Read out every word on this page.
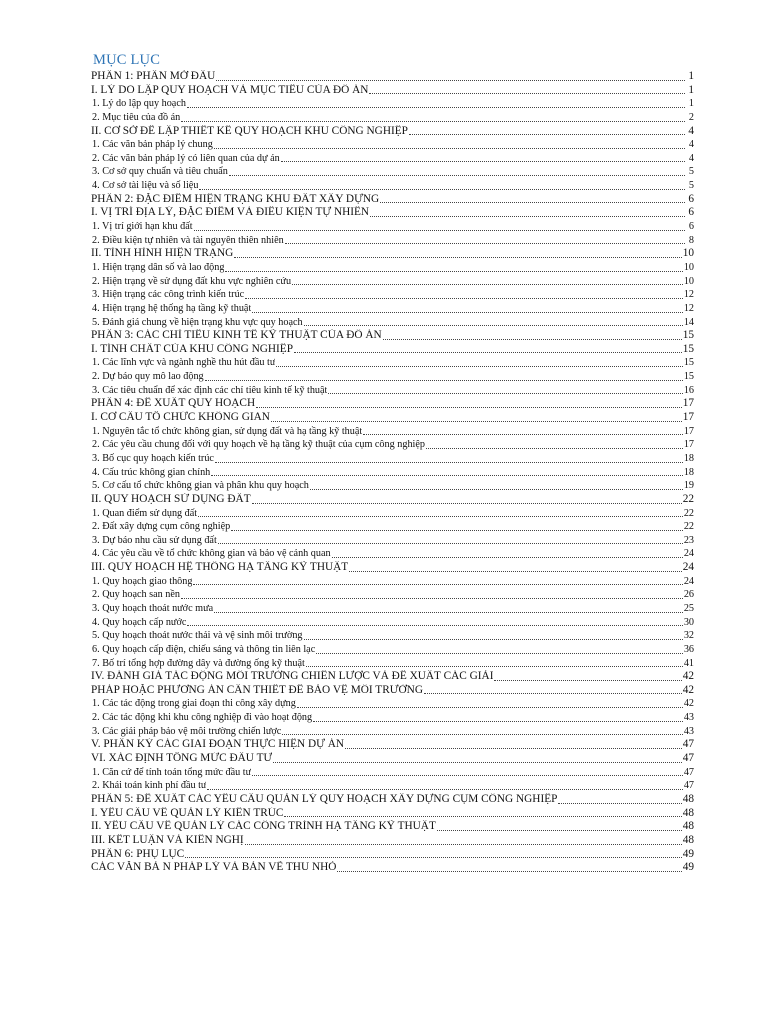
MỤC LỤC
PHẦN 1: PHẦN MỞ ĐẦU	1
I. LÝ DO LẬP QUY HOẠCH VÀ MỤC TIÊU CỦA ĐỒ ÁN	1
1. Lý do lập quy hoạch	1
2. Mục tiêu của đồ án	2
II. CƠ SỞ ĐỂ LẬP THIẾT KẾ QUY HOẠCH KHU CÔNG NGHIỆP	4
1. Các văn bản pháp lý chung	4
2. Các văn bản pháp lý có liên quan của dự án	4
3. Cơ sở quy chuẩn và tiêu chuẩn	5
4. Cơ sở tài liệu và số liệu	5
PHẦN 2: ĐẶC ĐIỂM HIỆN TRẠNG KHU ĐẤT XÂY DỰNG	6
I. VỊ TRÍ ĐỊA LÝ, ĐẶC ĐIỂM VÀ ĐIỀU KIỆN TỰ NHIÊN	6
1. Vị trí giới hạn khu đất	6
2. Điều kiện tự nhiên và tài nguyên thiên nhiên	8
II. TÌNH HÌNH HIỆN TRẠNG	10
1. Hiện trạng dân số và lao động	10
2. Hiện trạng về sử dụng đất khu vực nghiên cứu	10
3. Hiện trạng các công trình kiến trúc	12
4. Hiện trạng hệ thống hạ tầng kỹ thuật	12
5. Đánh giá chung về hiện trạng khu vực quy hoạch	14
PHẦN 3: CÁC CHỈ TIÊU KINH TẾ KỸ THUẬT CỦA ĐỒ ÁN	15
I. TÍNH CHẤT CỦA KHU CÔNG NGHIỆP	15
1. Các lĩnh vực và ngành nghề thu hút đầu tư	15
2. Dự báo quy mô lao động	15
3. Các tiêu chuẩn để xác định các chỉ tiêu kinh tế kỹ thuật	16
PHẦN 4: ĐỀ XUẤT QUY HOẠCH	17
I. CƠ CẤU TỔ CHỨC KHÔNG GIAN	17
1. Nguyên tắc tổ chức không gian, sử dụng đất và hạ tầng kỹ thuật	17
2. Các yêu cầu chung đối với quy hoạch về hạ tầng kỹ thuật của cụm công nghiệp	17
3. Bố cục quy hoạch kiến trúc	18
4. Cấu trúc không gian chính	18
5. Cơ cấu tổ chức không gian và phân khu quy hoạch	19
II. QUY HOẠCH SỬ DỤNG ĐẤT	22
1. Quan điểm sử dụng đất	22
2. Đất xây dựng cụm công nghiệp	22
3. Dự báo nhu cầu sử dụng đất	23
4. Các yêu cầu về tổ chức không gian và bảo vệ cảnh quan	24
III. QUY HOẠCH HỆ THỐNG HẠ TẦNG KỸ THUẬT	24
1. Quy hoạch giao thông	24
2. Quy hoạch san nền	26
3. Quy hoạch thoát nước mưa	25
4. Quy hoạch cấp nước	30
5. Quy hoạch thoát nước thải và vệ sinh môi trường	32
6. Quy hoạch cấp điện, chiếu sáng và thông tin liên lạc	36
7. Bố trí tổng hợp đường dây và đường ống kỹ thuật	41
IV. ĐÁNH GIÁ TÁC ĐỘNG MÔI TRƯỜNG CHIẾN LƯỢC VÀ ĐỀ XUẤT CÁC GIẢI	42
PHÁP HOẶC PHƯƠNG ÁN CẦN THIẾT ĐỂ BẢO VỆ MÔI TRƯỜNG	42
1. Các tác động trong giai đoạn thi công xây dựng	42
2. Các tác động khi khu công nghiệp đi vào hoạt động	43
3. Các giải pháp bảo vệ môi trường chiến lược	43
V. PHÂN KỲ CÁC GIAI ĐOẠN THỰC HIỆN DỰ ÁN	47
VI. XÁC ĐỊNH TỔNG MỨC ĐẦU TƯ	47
1. Căn cứ để tính toán tổng mức đầu tư	47
2. Khái toán kinh phí đầu tư	47
PHẦN 5: ĐỀ XUẤT CÁC YÊU CẦU QUẢN LÝ QUY HOẠCH XÂY DỰNG CỤM CÔNG NGHIỆP	48
I. YÊU CẦU VỀ QUẢN LÝ KIẾN TRÚC	48
II. YÊU CẦU VỀ QUẢN LÝ CÁC CÔNG TRÌNH HẠ TẦNG KỸ THUẬT	48
III. KẾT LUẬN VÀ KIẾN NGHỊ	48
PHẦN 6: PHỤ LỤC	49
CÁC VĂN BẢ N PHÁP LÝ VÀ BẢN VẼ THU NHỎ	49
